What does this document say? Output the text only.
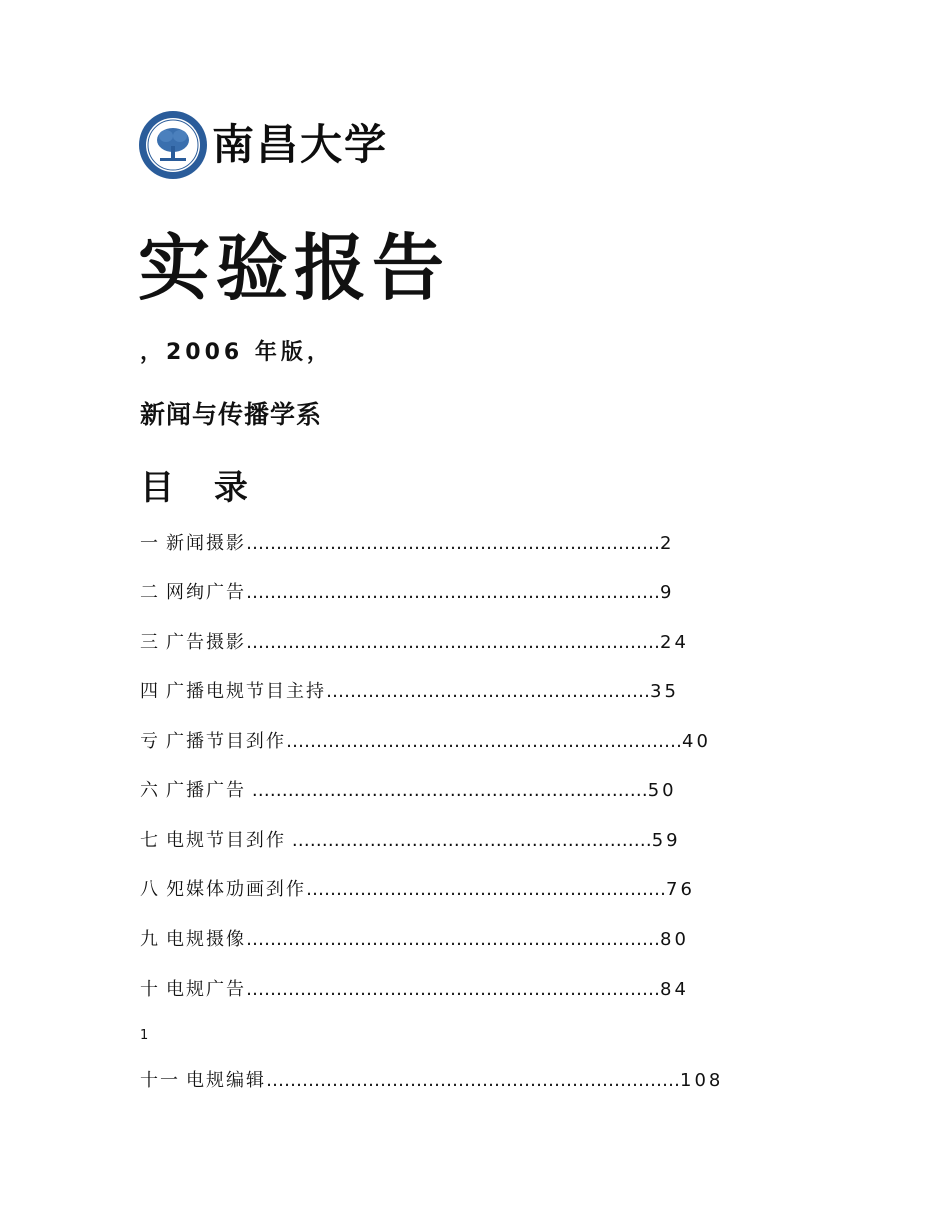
南昌大学
实验报告
，2006 年版，
新闻与传播学系
目 录
一 新闻摄影……………………………………………………………2
二 网绚广告……………………………………………………………9
三 广告摄影……………………………………………………………24
四 广播电规节目主持………………………………………………35
亏 广播节目刭作…………………………………………………………40
六 广播广告 …………………………………………………………50
七 电规节目刭作 ……………………………………………………59
八 夗媒体劢画刭作……………………………………………………76
九 电规摄像……………………………………………………………80
十 电规广告……………………………………………………………84
1
十一 电规编辑……………………………………………………………108
